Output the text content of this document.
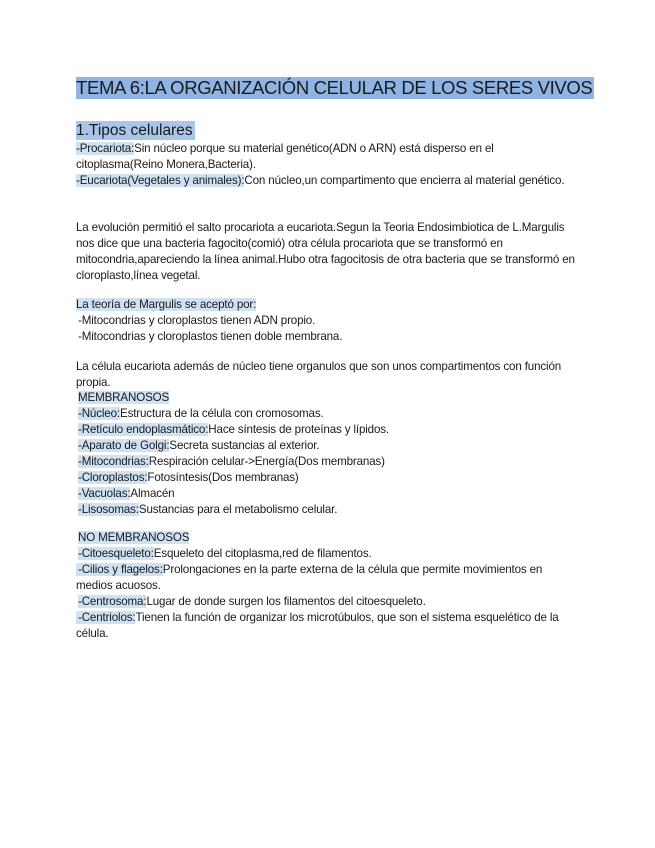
TEMA 6:LA ORGANIZACIÓN CELULAR DE LOS SERES VIVOS
1.Tipos celulares

-Procariota:Sin núcleo porque su material genético(ADN o ARN) está disperso en el citoplasma(Reino Monera,Bacteria).

-Eucariota(Vegetales y animales):Con núcleo,un compartimento que encierra al material genético.

La evolución permitió el salto procariota a eucariota.Segun la Teoria Endosimbiotica de L.Margulis nos dice que una bacteria fagocito(comió) otra célula procariota que se transformó en mitocondria,apareciendo la línea animal.Hubo otra fagocitosis de otra bacteria que se transformó en cloroplasto,línea vegetal.

La teoría de Margulis se aceptó por:

-Mitocondrias y cloroplastos tienen ADN propio.

-Mitocondrias y cloroplastos tienen doble membrana.

La célula eucariota además de núcleo tiene organulos que son unos compartimentos con función propia.

MEMBRANOSOS

-Núcleo:Estructura de la célula con cromosomas.

-Retículo endoplasmático:Hace síntesis de proteínas y lípidos.

-Aparato de Golgi:Secreta sustancias al exterior.

-Mitocondrias:Respiración celular->Energía(Dos membranas)

-Cloroplastos:Fotosíntesis(Dos membranas)

-Vacuolas:Almacén

-Lisosomas:Sustancias para el metabolismo celular.

NO MEMBRANOSOS

-Citoesqueleto:Esqueleto del citoplasma,red de filamentos.

-Cilios y flagelos:Prolongaciones en la parte externa de la célula que permite movimientos en medios acuosos.

-Centrosoma:Lugar de donde surgen los filamentos del citoesqueleto.

-Centriolos:Tienen la función de organizar los microtúbulos, que son el sistema esquelético de la célula.
